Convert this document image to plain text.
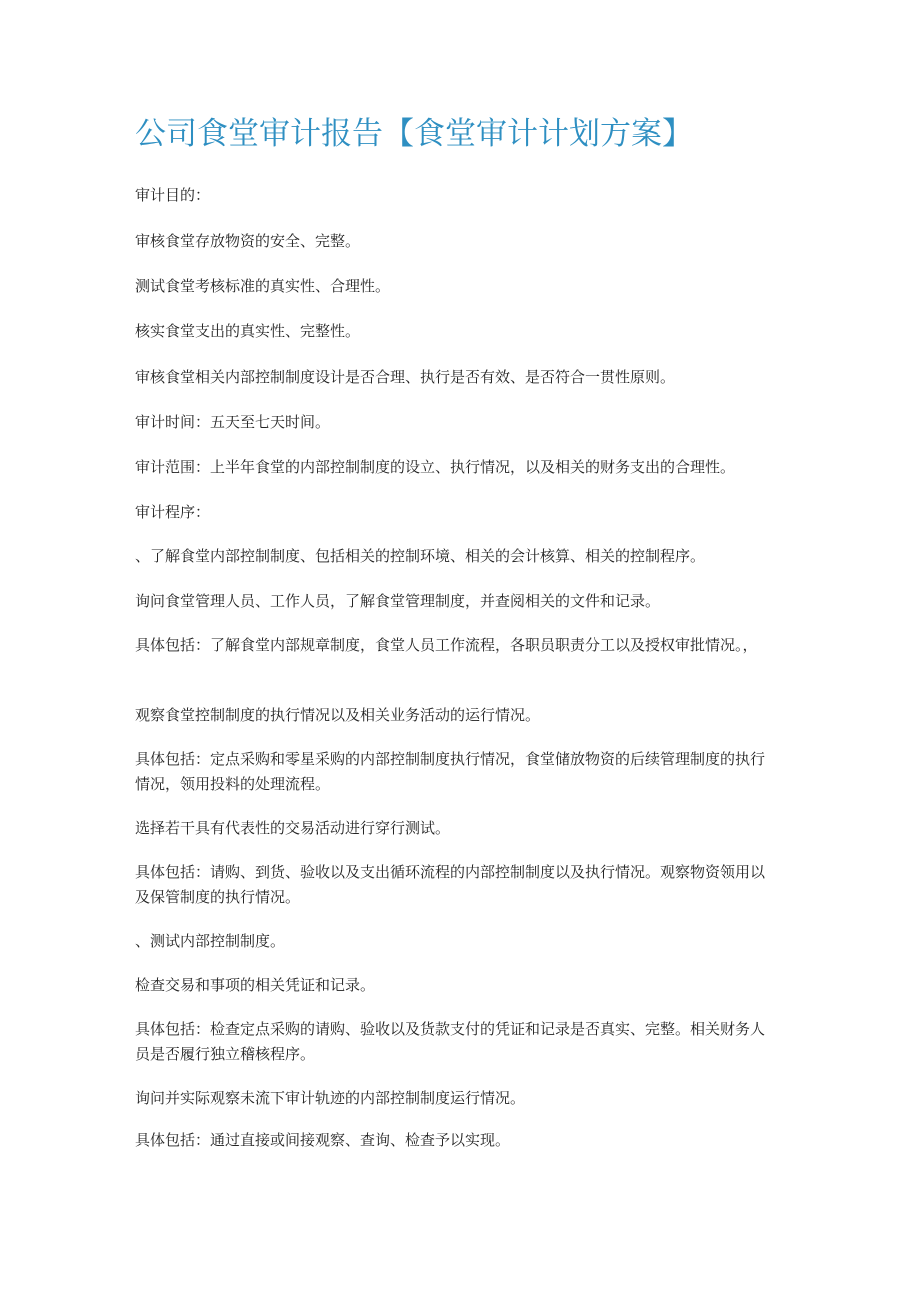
公司食堂审计报告【食堂审计计划方案】
审计目的：
审核食堂存放物资的安全、完整。
测试食堂考核标准的真实性、合理性。
核实食堂支出的真实性、完整性。
审核食堂相关内部控制制度设计是否合理、执行是否有效、是否符合一贯性原则。
审计时间：五天至七天时间。
审计范围：上半年食堂的内部控制制度的设立、执行情况，以及相关的财务支出的合理性。
审计程序：
、了解食堂内部控制制度、包括相关的控制环境、相关的会计核算、相关的控制程序。
询问食堂管理人员、工作人员，了解食堂管理制度，并查阅相关的文件和记录。
具体包括：了解食堂内部规章制度，食堂人员工作流程，各职员职责分工以及授权审批情况。，
观察食堂控制制度的执行情况以及相关业务活动的运行情况。
具体包括：定点采购和零星采购的内部控制制度执行情况，食堂储放物资的后续管理制度的执行情况，领用投料的处理流程。
选择若干具有代表性的交易活动进行穿行测试。
具体包括：请购、到货、验收以及支出循环流程的内部控制制度以及执行情况。观察物资领用以及保管制度的执行情况。
、测试内部控制制度。
检查交易和事项的相关凭证和记录。
具体包括：检查定点采购的请购、验收以及货款支付的凭证和记录是否真实、完整。相关财务人员是否履行独立稽核程序。
询问并实际观察未流下审计轨迹的内部控制制度运行情况。
具体包括：通过直接或间接观察、查询、检查予以实现。
